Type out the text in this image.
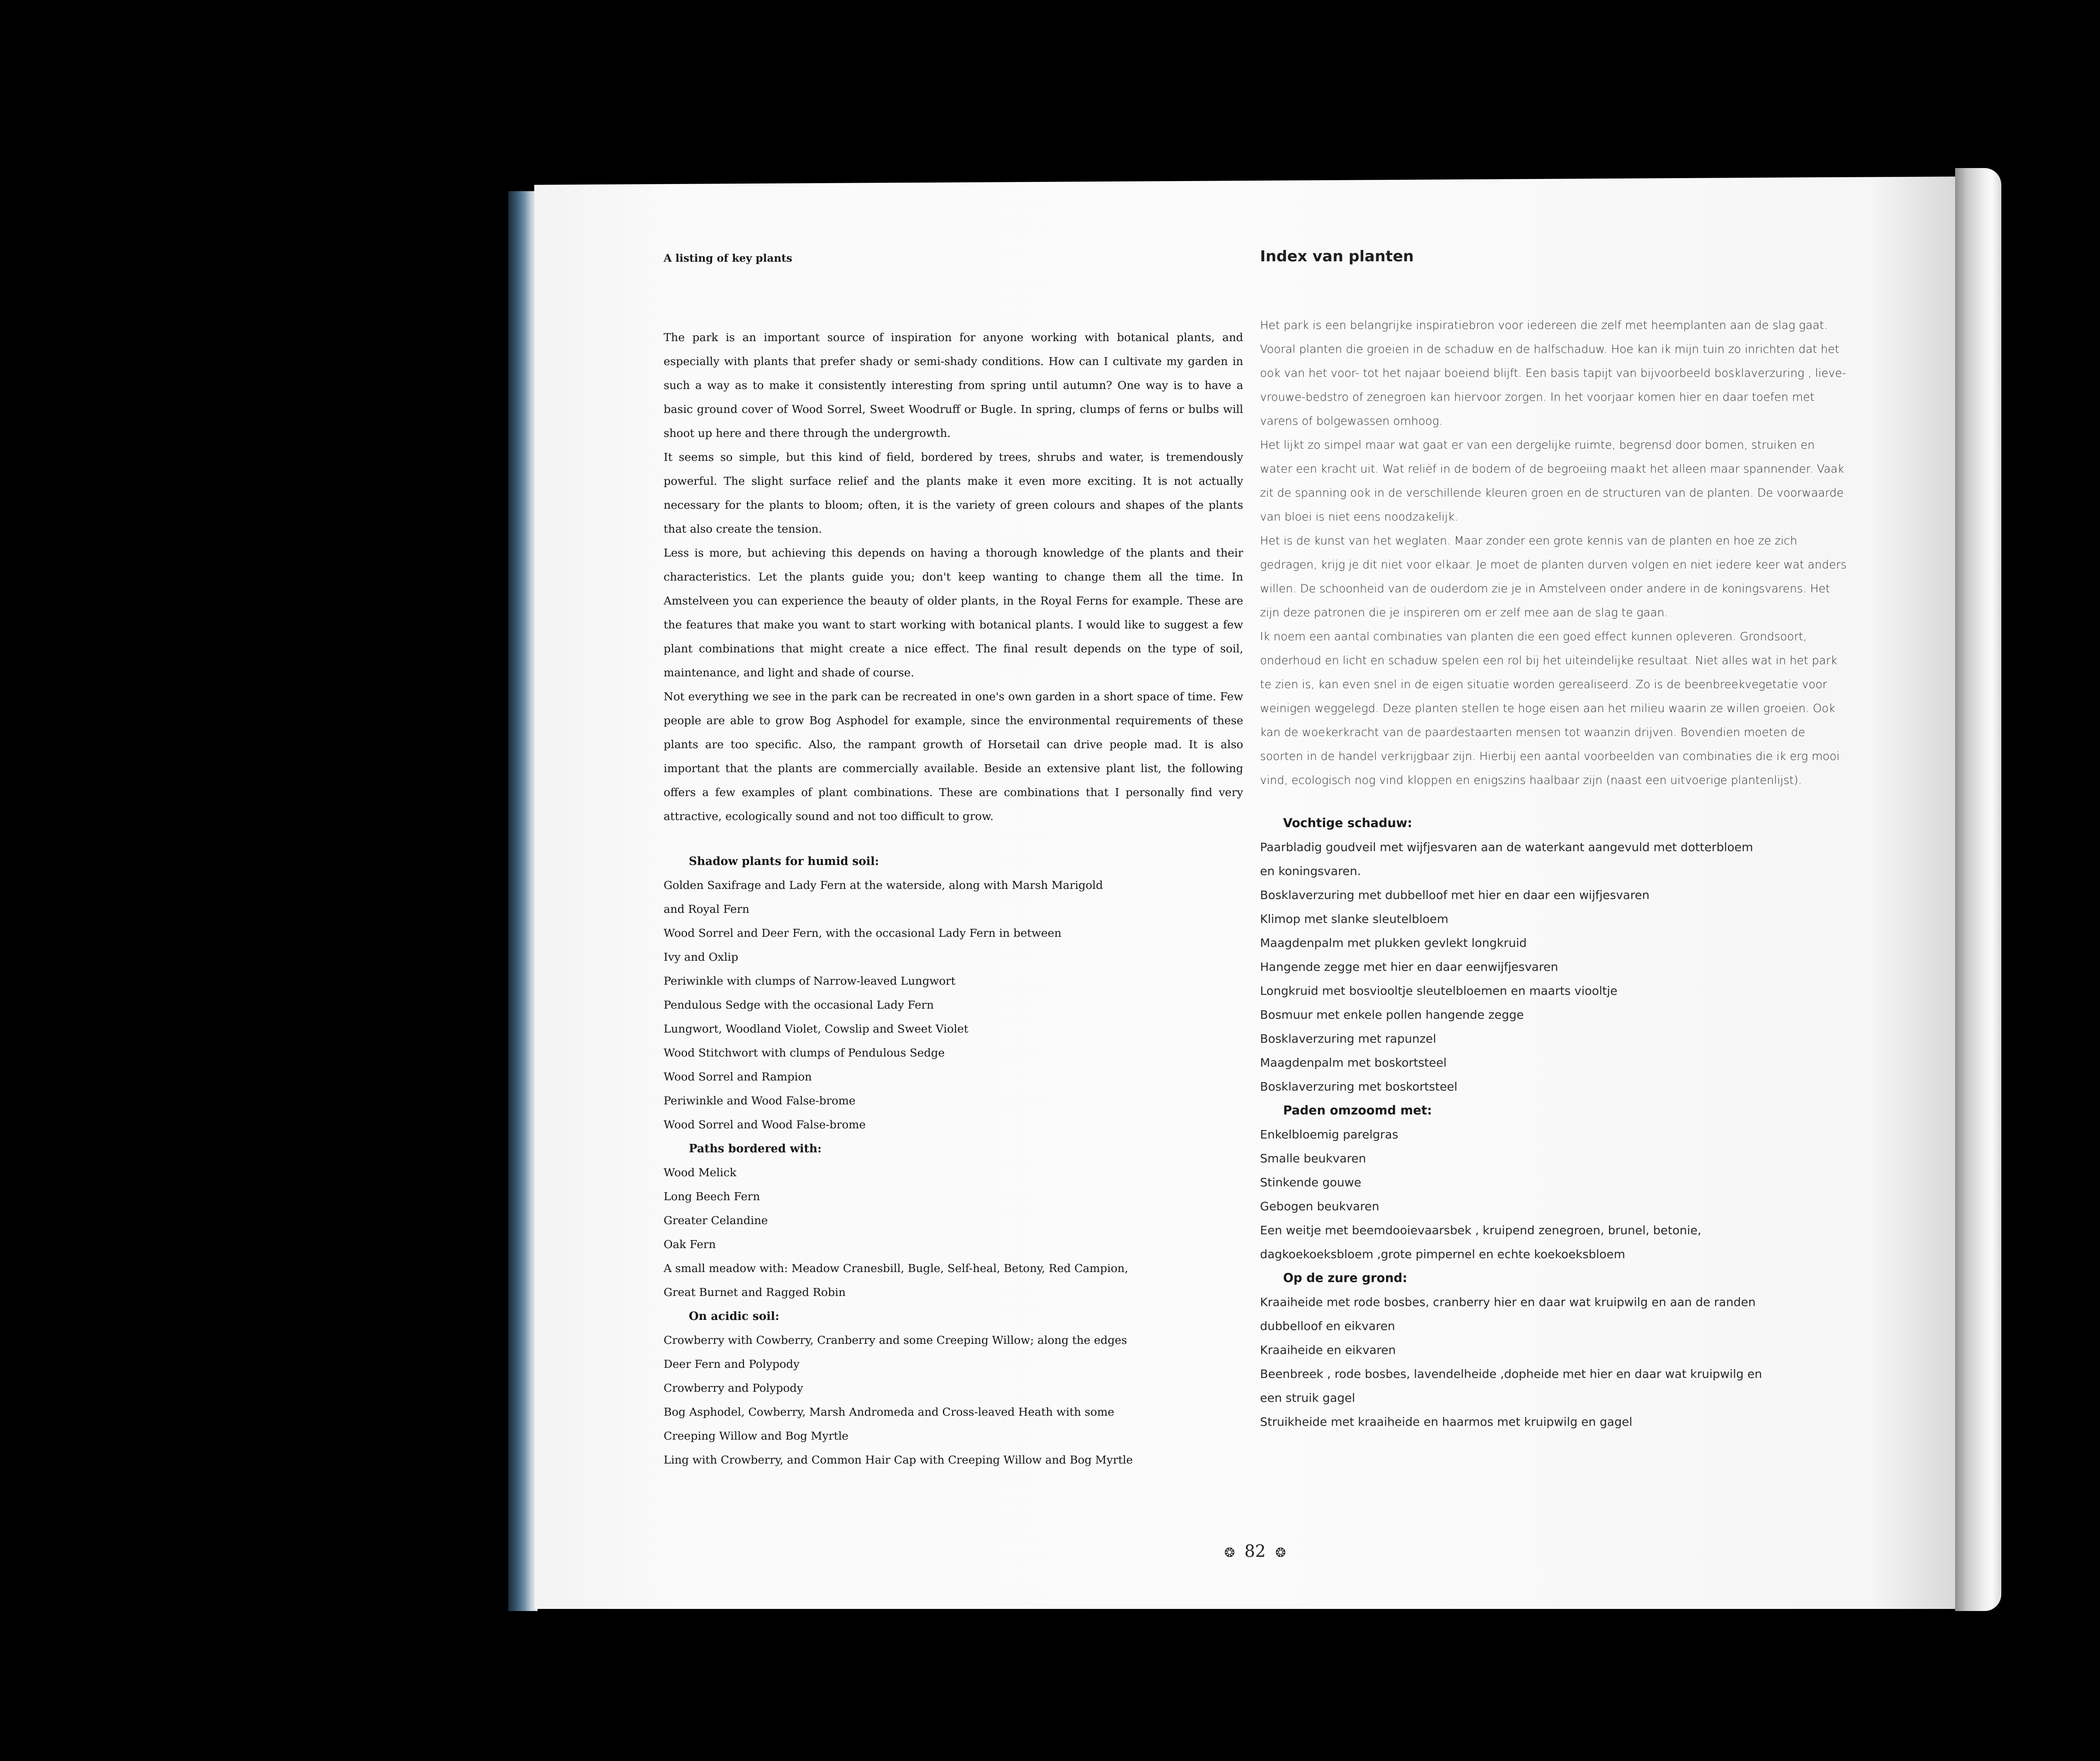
A listing of key plants

The park is an important source of inspiration for anyone working with botanical plants, and especially with plants that prefer shady or semi-shady conditions. How can I cultivate my garden in such a way as to make it consistently interesting from spring until autumn? One way is to have a basic ground cover of Wood Sorrel, Sweet Woodruff or Bugle. In spring, clumps of ferns or bulbs will shoot up here and there through the undergrowth.

It seems so simple, but this kind of field, bordered by trees, shrubs and water, is tremendously powerful. The slight surface relief and the plants make it even more exciting. It is not actually necessary for the plants to bloom; often, it is the variety of green colours and shapes of the plants that also create the tension.

Less is more, but achieving this depends on having a thorough knowledge of the plants and their characteristics. Let the plants guide you; don't keep wanting to change them all the time. In Amstelveen you can experience the beauty of older plants, in the Royal Ferns for example. These are the features that make you want to start working with botanical plants. I would like to suggest a few plant combinations that might create a nice effect. The final result depends on the type of soil, maintenance, and light and shade of course.

Not everything we see in the park can be recreated in one's own garden in a short space of time. Few people are able to grow Bog Asphodel for example, since the environmental requirements of these plants are too specific. Also, the rampant growth of Horsetail can drive people mad. It is also important that the plants are commercially available. Beside an extensive plant list, the following offers a few examples of plant combinations. These are combinations that I personally find very attractive, ecologically sound and not too difficult to grow.

Shadow plants for humid soil:
Golden Saxifrage and Lady Fern at the waterside, along with Marsh Marigold
and Royal Fern
Wood Sorrel and Deer Fern, with the occasional Lady Fern in between
Ivy and Oxlip
Periwinkle with clumps of Narrow-leaved Lungwort
Pendulous Sedge with the occasional Lady Fern
Lungwort, Woodland Violet, Cowslip and Sweet Violet
Wood Stitchwort with clumps of Pendulous Sedge
Wood Sorrel and Rampion
Periwinkle and Wood False-brome
Wood Sorrel and Wood False-brome
Paths bordered with:
Wood Melick
Long Beech Fern
Greater Celandine
Oak Fern
A small meadow with: Meadow Cranesbill, Bugle, Self-heal, Betony, Red Campion,
Great Burnet and Ragged Robin
On acidic soil:
Crowberry with Cowberry, Cranberry and some Creeping Willow; along the edges
Deer Fern and Polypody
Crowberry and Polypody
Bog Asphodel, Cowberry, Marsh Andromeda and Cross-leaved Heath with some
Creeping Willow and Bog Myrtle
Ling with Crowberry, and Common Hair Cap with Creeping Willow and Bog Myrtle
Index van planten

Het park is een belangrijke inspiratiebron voor iedereen die zelf met heemplanten aan de slag gaat. Vooral planten die groeien in de schaduw en de halfschaduw. Hoe kan ik mijn tuin zo inrichten dat het ook van het voor- tot het najaar boeiend blijft. Een basis tapijt van bijvoorbeeld bosklaverzuring , lieve-vrouwe-bedstro of zenegroen kan hiervoor zorgen. In het voorjaar komen hier en daar toefen met varens of bolgewassen omhoog.

Het lijkt zo simpel maar wat gaat er van een dergelijke ruimte, begrensd door bomen, struiken en water een kracht uit. Wat reliëf in de bodem of de begroeiing maakt het alleen maar spannender. Vaak zit de spanning ook in de verschillende kleuren groen en de structuren van de planten. De voorwaarde van bloei is niet eens noodzakelijk.

Het is de kunst van het weglaten. Maar zonder een grote kennis van de planten en hoe ze zich gedragen, krijg je dit niet voor elkaar. Je moet de planten durven volgen en niet iedere keer wat anders willen. De schoonheid van de ouderdom zie je in Amstelveen onder andere in de koningsvarens. Het zijn deze patronen die je inspireren om er zelf mee aan de slag te gaan.

Ik noem een aantal combinaties van planten die een goed effect kunnen opleveren. Grondsoort, onderhoud en licht en schaduw spelen een rol bij het uiteindelijke resultaat. Niet alles wat in het park te zien is, kan even snel in de eigen situatie worden gerealiseerd. Zo is de beenbreekvegetatie voor weinigen weggelegd. Deze planten stellen te hoge eisen aan het milieu waarin ze willen groeien. Ook kan de woekerkracht van de paardestaarten mensen tot waanzin drijven. Bovendien moeten de soorten in de handel verkrijgbaar zijn. Hierbij een aantal voorbeelden van combinaties die ik erg mooi vind, ecologisch nog vind kloppen en enigszins haalbaar zijn (naast een uitvoerige plantenlijst).

Vochtige schaduw:
Paarbladig goudveil met wijfjesvaren aan de waterkant aangevuld met dotterbloem
en koningsvaren.
Bosklaverzuring met dubbelloof met hier en daar een wijfjesvaren
Klimop met slanke sleutelbloem
Maagdenpalm met plukken gevlekt longkruid
Hangende zegge met hier en daar eenwijfjesvaren
Longkruid met bosviooltje sleutelbloemen en maarts viooltje
Bosmuur met enkele pollen hangende zegge
Bosklaverzuring met rapunzel
Maagdenpalm met boskortsteel
Bosklaverzuring met boskortsteel
Paden omzoomd met:
Enkelbloemig parelgras
Smalle beukvaren
Stinkende gouwe
Gebogen beukvaren
Een weitje met beemdooievaarsbek , kruipend zenegroen, brunel, betonie,
dagkoekoeksbloem ,grote pimpernel en echte koekoeksbloem
Op de zure grond:
Kraaiheide met rode bosbes, cranberry hier en daar wat kruipwilg en aan de randen
dubbelloof en eikvaren
Kraaiheide en eikvaren
Beenbreek , rode bosbes, lavendelheide ,dopheide met hier en daar wat kruipwilg en
een struik gagel
Struikheide met kraaiheide en haarmos met kruipwilg en gagel
❂ 82 ❂
